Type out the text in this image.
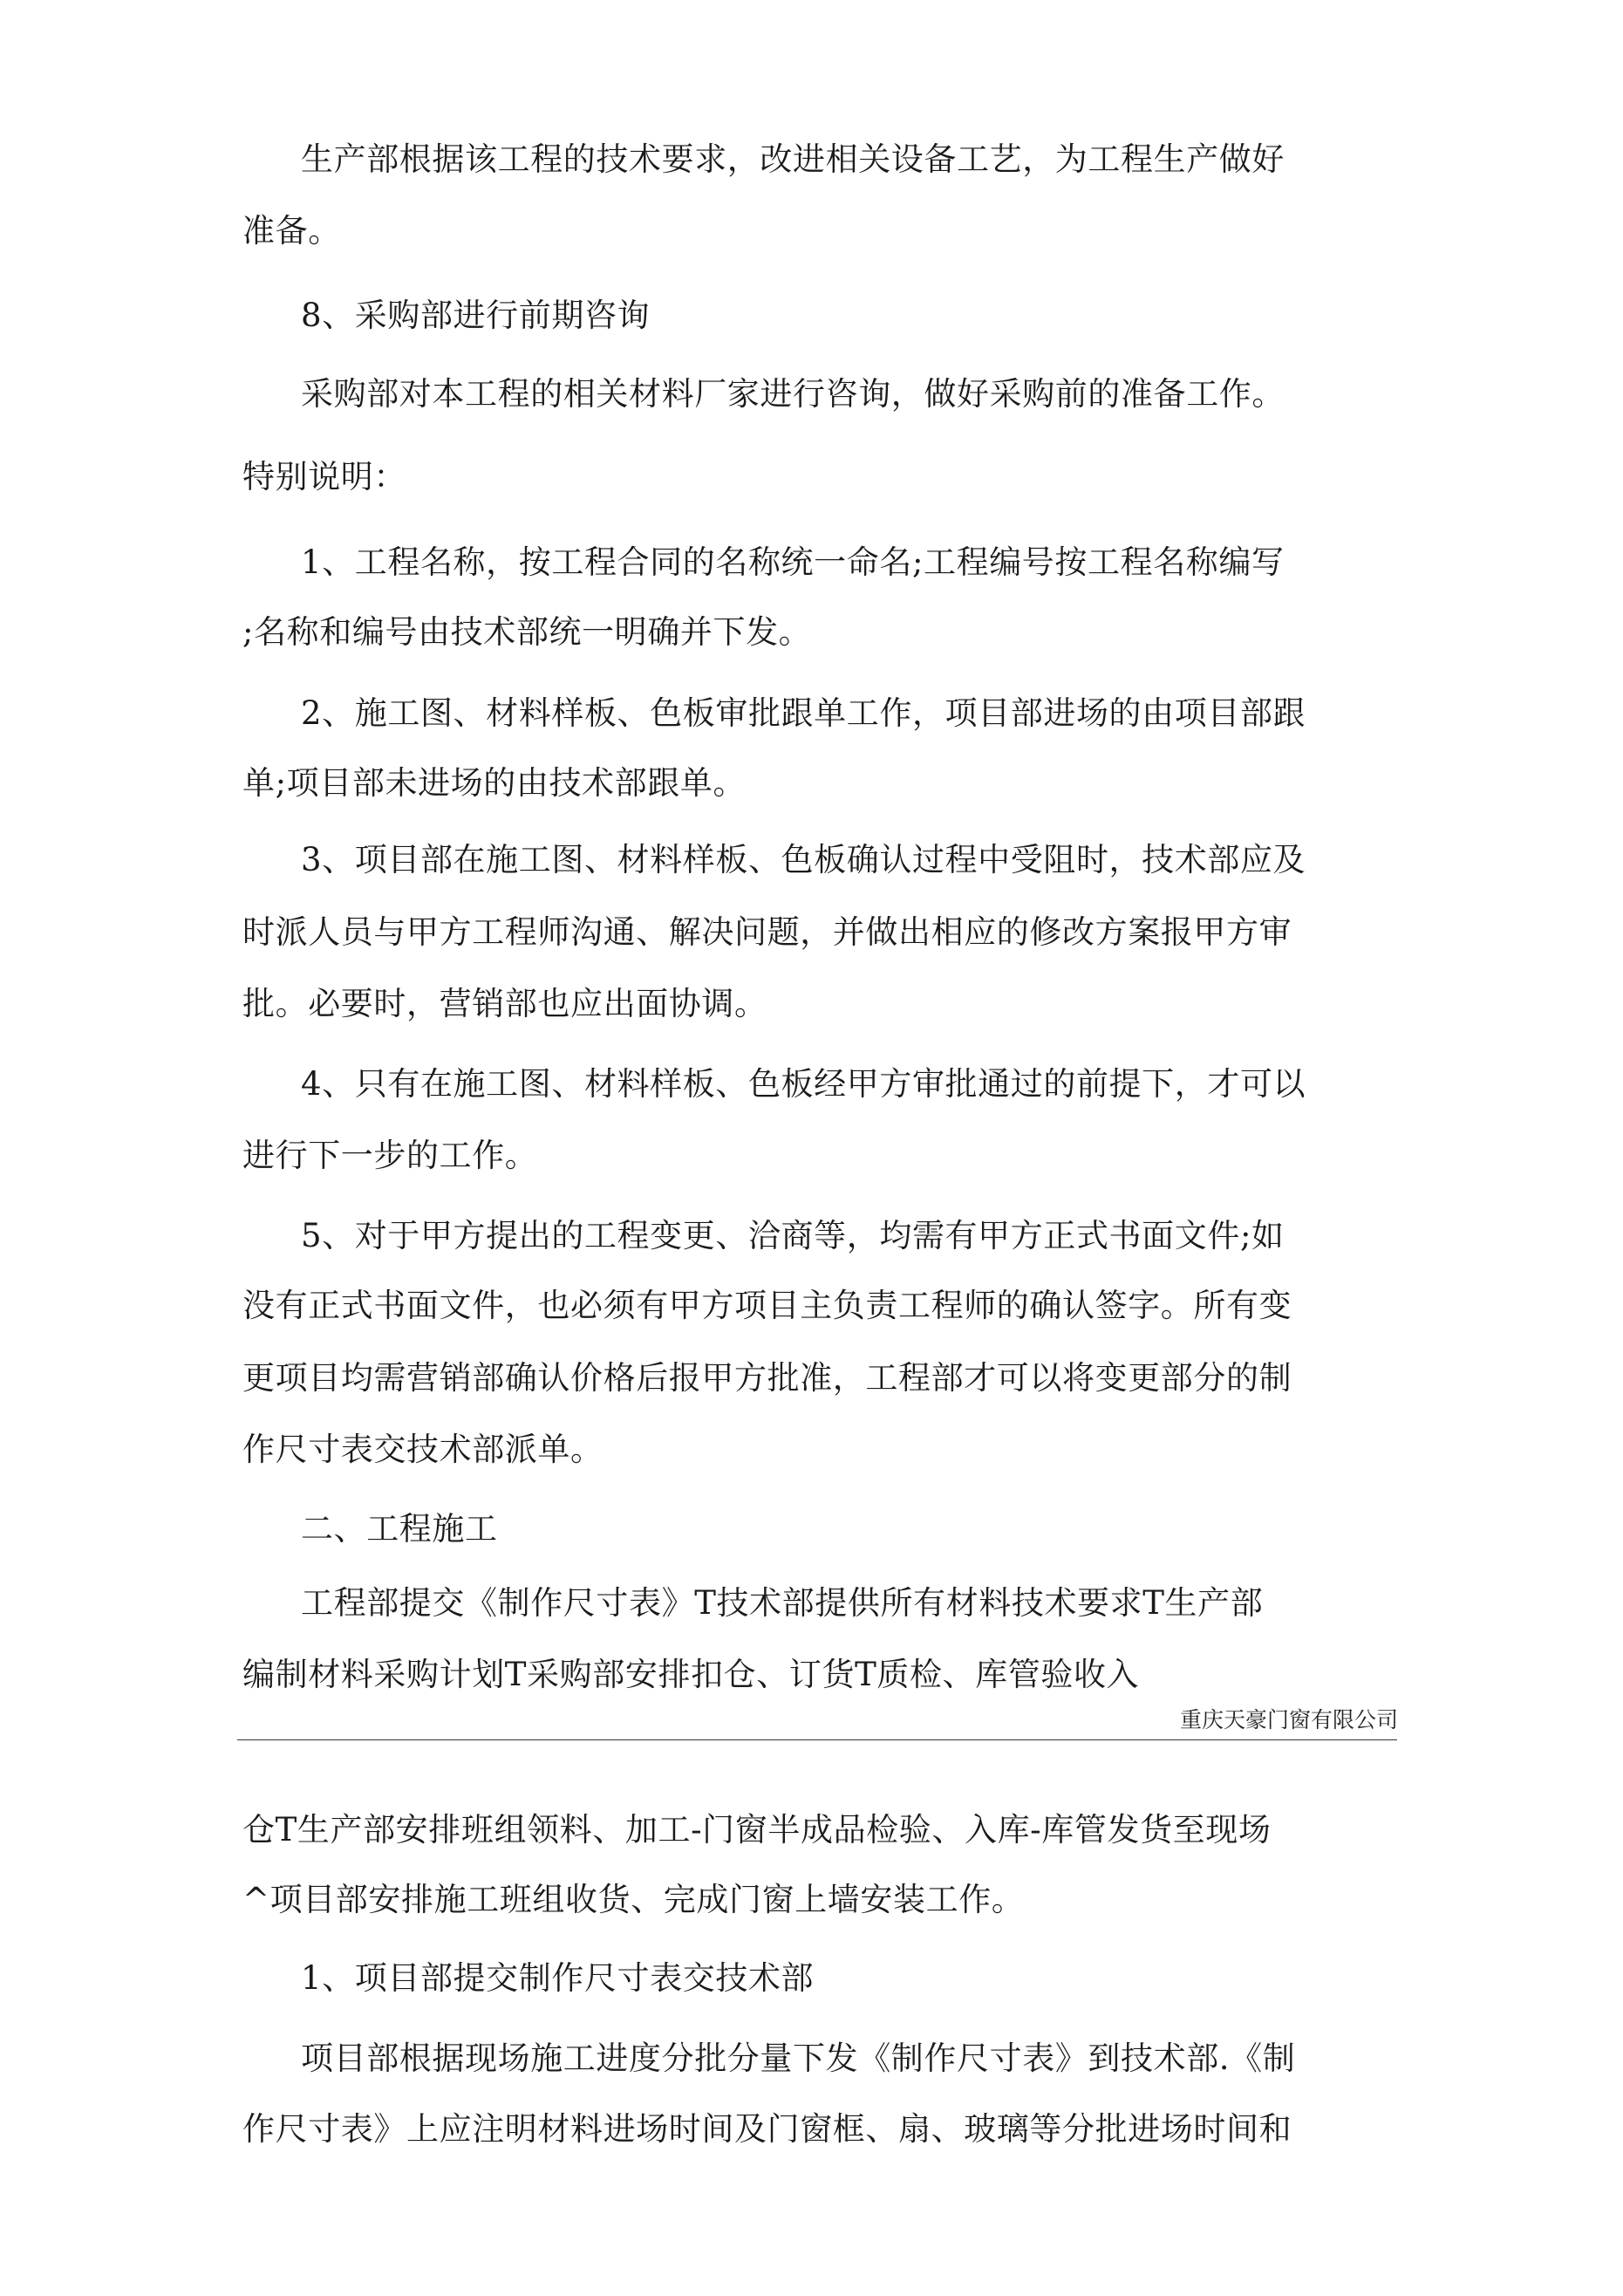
生产部根据该工程的技术要求，改进相关设备工艺，为工程生产做好
准备。
8、采购部进行前期咨询
采购部对本工程的相关材料厂家进行咨询，做好采购前的准备工作。
特别说明：
1、工程名称，按工程合同的名称统一命名;工程编号按工程名称编写
;名称和编号由技术部统一明确并下发。
2、施工图、材料样板、色板审批跟单工作，项目部进场的由项目部跟
单;项目部未进场的由技术部跟单。
3、项目部在施工图、材料样板、色板确认过程中受阻时，技术部应及
时派人员与甲方工程师沟通、解决问题，并做出相应的修改方案报甲方审
批。必要时，营销部也应出面协调。
4、只有在施工图、材料样板、色板经甲方审批通过的前提下，才可以
进行下一步的工作。
5、对于甲方提出的工程变更、洽商等，均需有甲方正式书面文件;如
没有正式书面文件，也必须有甲方项目主负责工程师的确认签字。所有变
更项目均需营销部确认价格后报甲方批准，工程部才可以将变更部分的制
作尺寸表交技术部派单。
二、工程施工
工程部提交《制作尺寸表》T技术部提供所有材料技术要求T生产部
编制材料采购计划T采购部安排扣仓、订货T质检、库管验收入
重庆天豪门窗有限公司
仓T生产部安排班组领料、加工-门窗半成品检验、入库-库管发货至现场
^项目部安排施工班组收货、完成门窗上墙安装工作。
1、项目部提交制作尺寸表交技术部
项目部根据现场施工进度分批分量下发《制作尺寸表》到技术部.《制
作尺寸表》上应注明材料进场时间及门窗框、扇、玻璃等分批进场时间和
